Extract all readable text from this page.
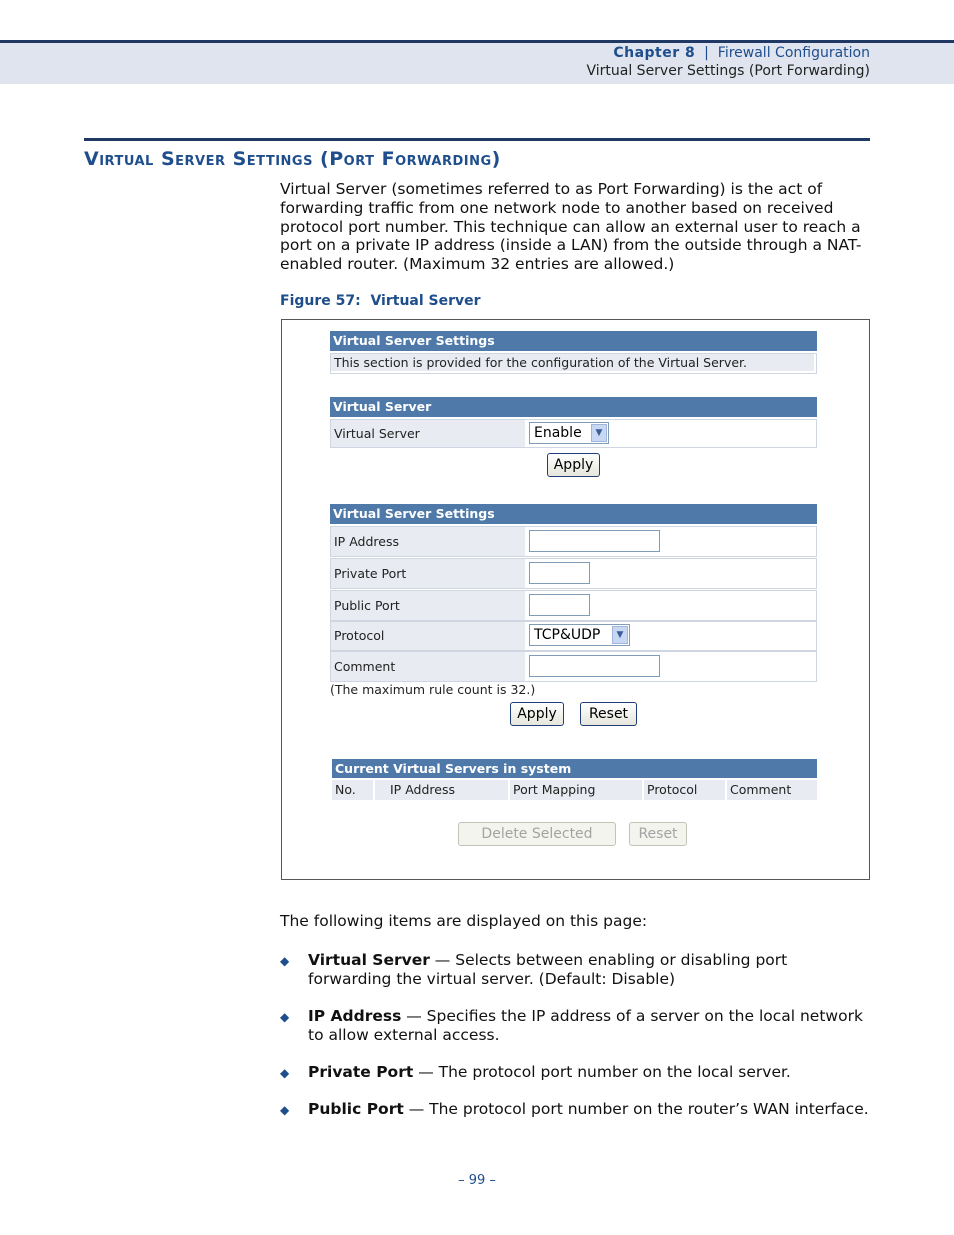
Chapter 8 | Firewall Configuration
Virtual Server Settings (Port Forwarding)
Virtual Server Settings (Port Forwarding)
Virtual Server (sometimes referred to as Port Forwarding) is the act of forwarding traffic from one network node to another based on received protocol port number. This technique can allow an external user to reach a port on a private IP address (inside a LAN) from the outside through a NAT-enabled router. (Maximum 32 entries are allowed.)
Figure 57:  Virtual Server
Virtual Server Settings
This section is provided for the configuration of the Virtual Server.
Virtual Server
Virtual Server	Enable	▼
Apply
Virtual Server Settings
IP Address
Private Port
Public Port
Protocol	TCP&UDP	▼
Comment
(The maximum rule count is 32.)
Apply	Reset
Current Virtual Servers in system
No.	IP Address	Port Mapping	Protocol	Comment
Delete Selected	Reset
The following items are displayed on this page:
◆ Virtual Server — Selects between enabling or disabling port forwarding the virtual server. (Default: Disable)
◆ IP Address — Specifies the IP address of a server on the local network to allow external access.
◆ Private Port — The protocol port number on the local server.
◆ Public Port — The protocol port number on the router’s WAN interface.
– 99 –
